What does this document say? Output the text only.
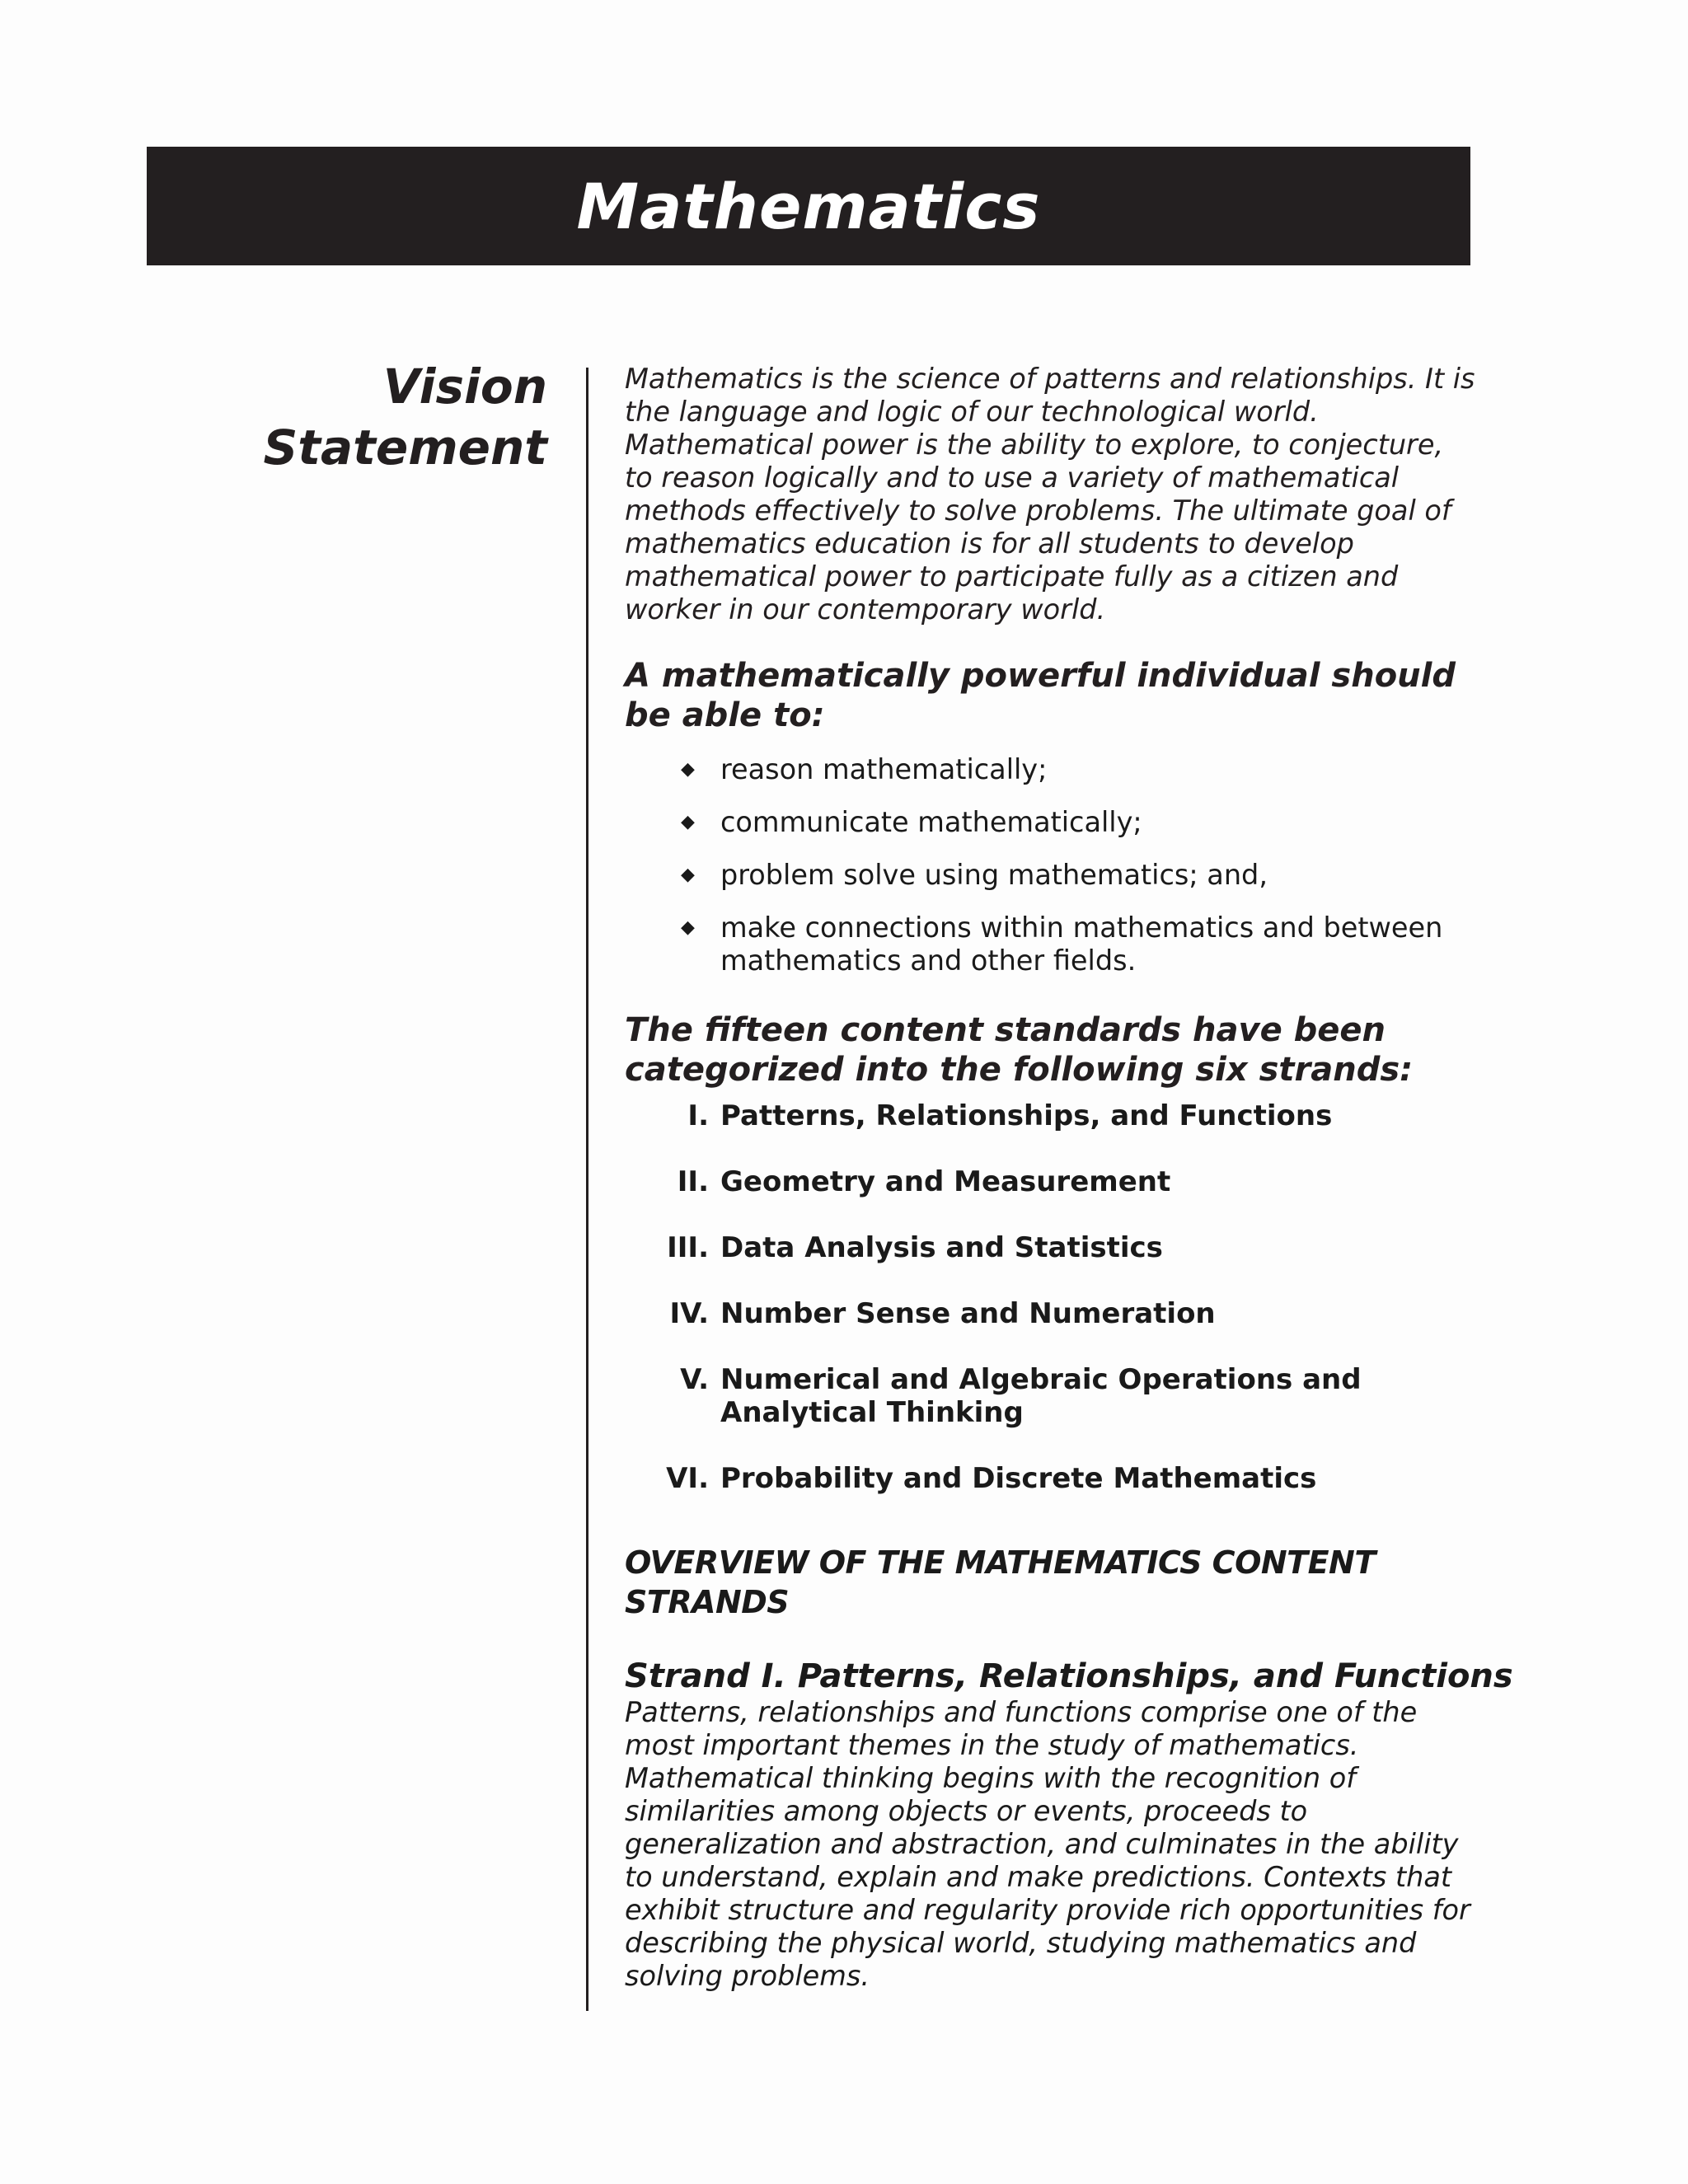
Mathematics
Vision
Statement

Mathematics is the science of patterns and relationships. It is the language and logic of our technological world. Mathematical power is the ability to explore, to conjecture, to reason logically and to use a variety of mathematical methods effectively to solve problems. The ultimate goal of mathematics education is for all students to develop mathematical power to participate fully as a citizen and worker in our contemporary world.

A mathematically powerful individual should be able to:

◆ reason mathematically;
◆ communicate mathematically;
◆ problem solve using mathematics; and,
◆ make connections within mathematics and between mathematics and other fields.

The fifteen content standards have been categorized into the following six strands:

I. Patterns, Relationships, and Functions
II. Geometry and Measurement
III. Data Analysis and Statistics
IV. Number Sense and Numeration
V. Numerical and Algebraic Operations and Analytical Thinking
VI. Probability and Discrete Mathematics

OVERVIEW OF THE MATHEMATICS CONTENT STRANDS

Strand I. Patterns, Relationships, and Functions

Patterns, relationships and functions comprise one of the most important themes in the study of mathematics. Mathematical thinking begins with the recognition of similarities among objects or events, proceeds to generalization and abstraction, and culminates in the ability to understand, explain and make predictions. Contexts that exhibit structure and regularity provide rich opportunities for describing the physical world, studying mathematics and solving problems.
